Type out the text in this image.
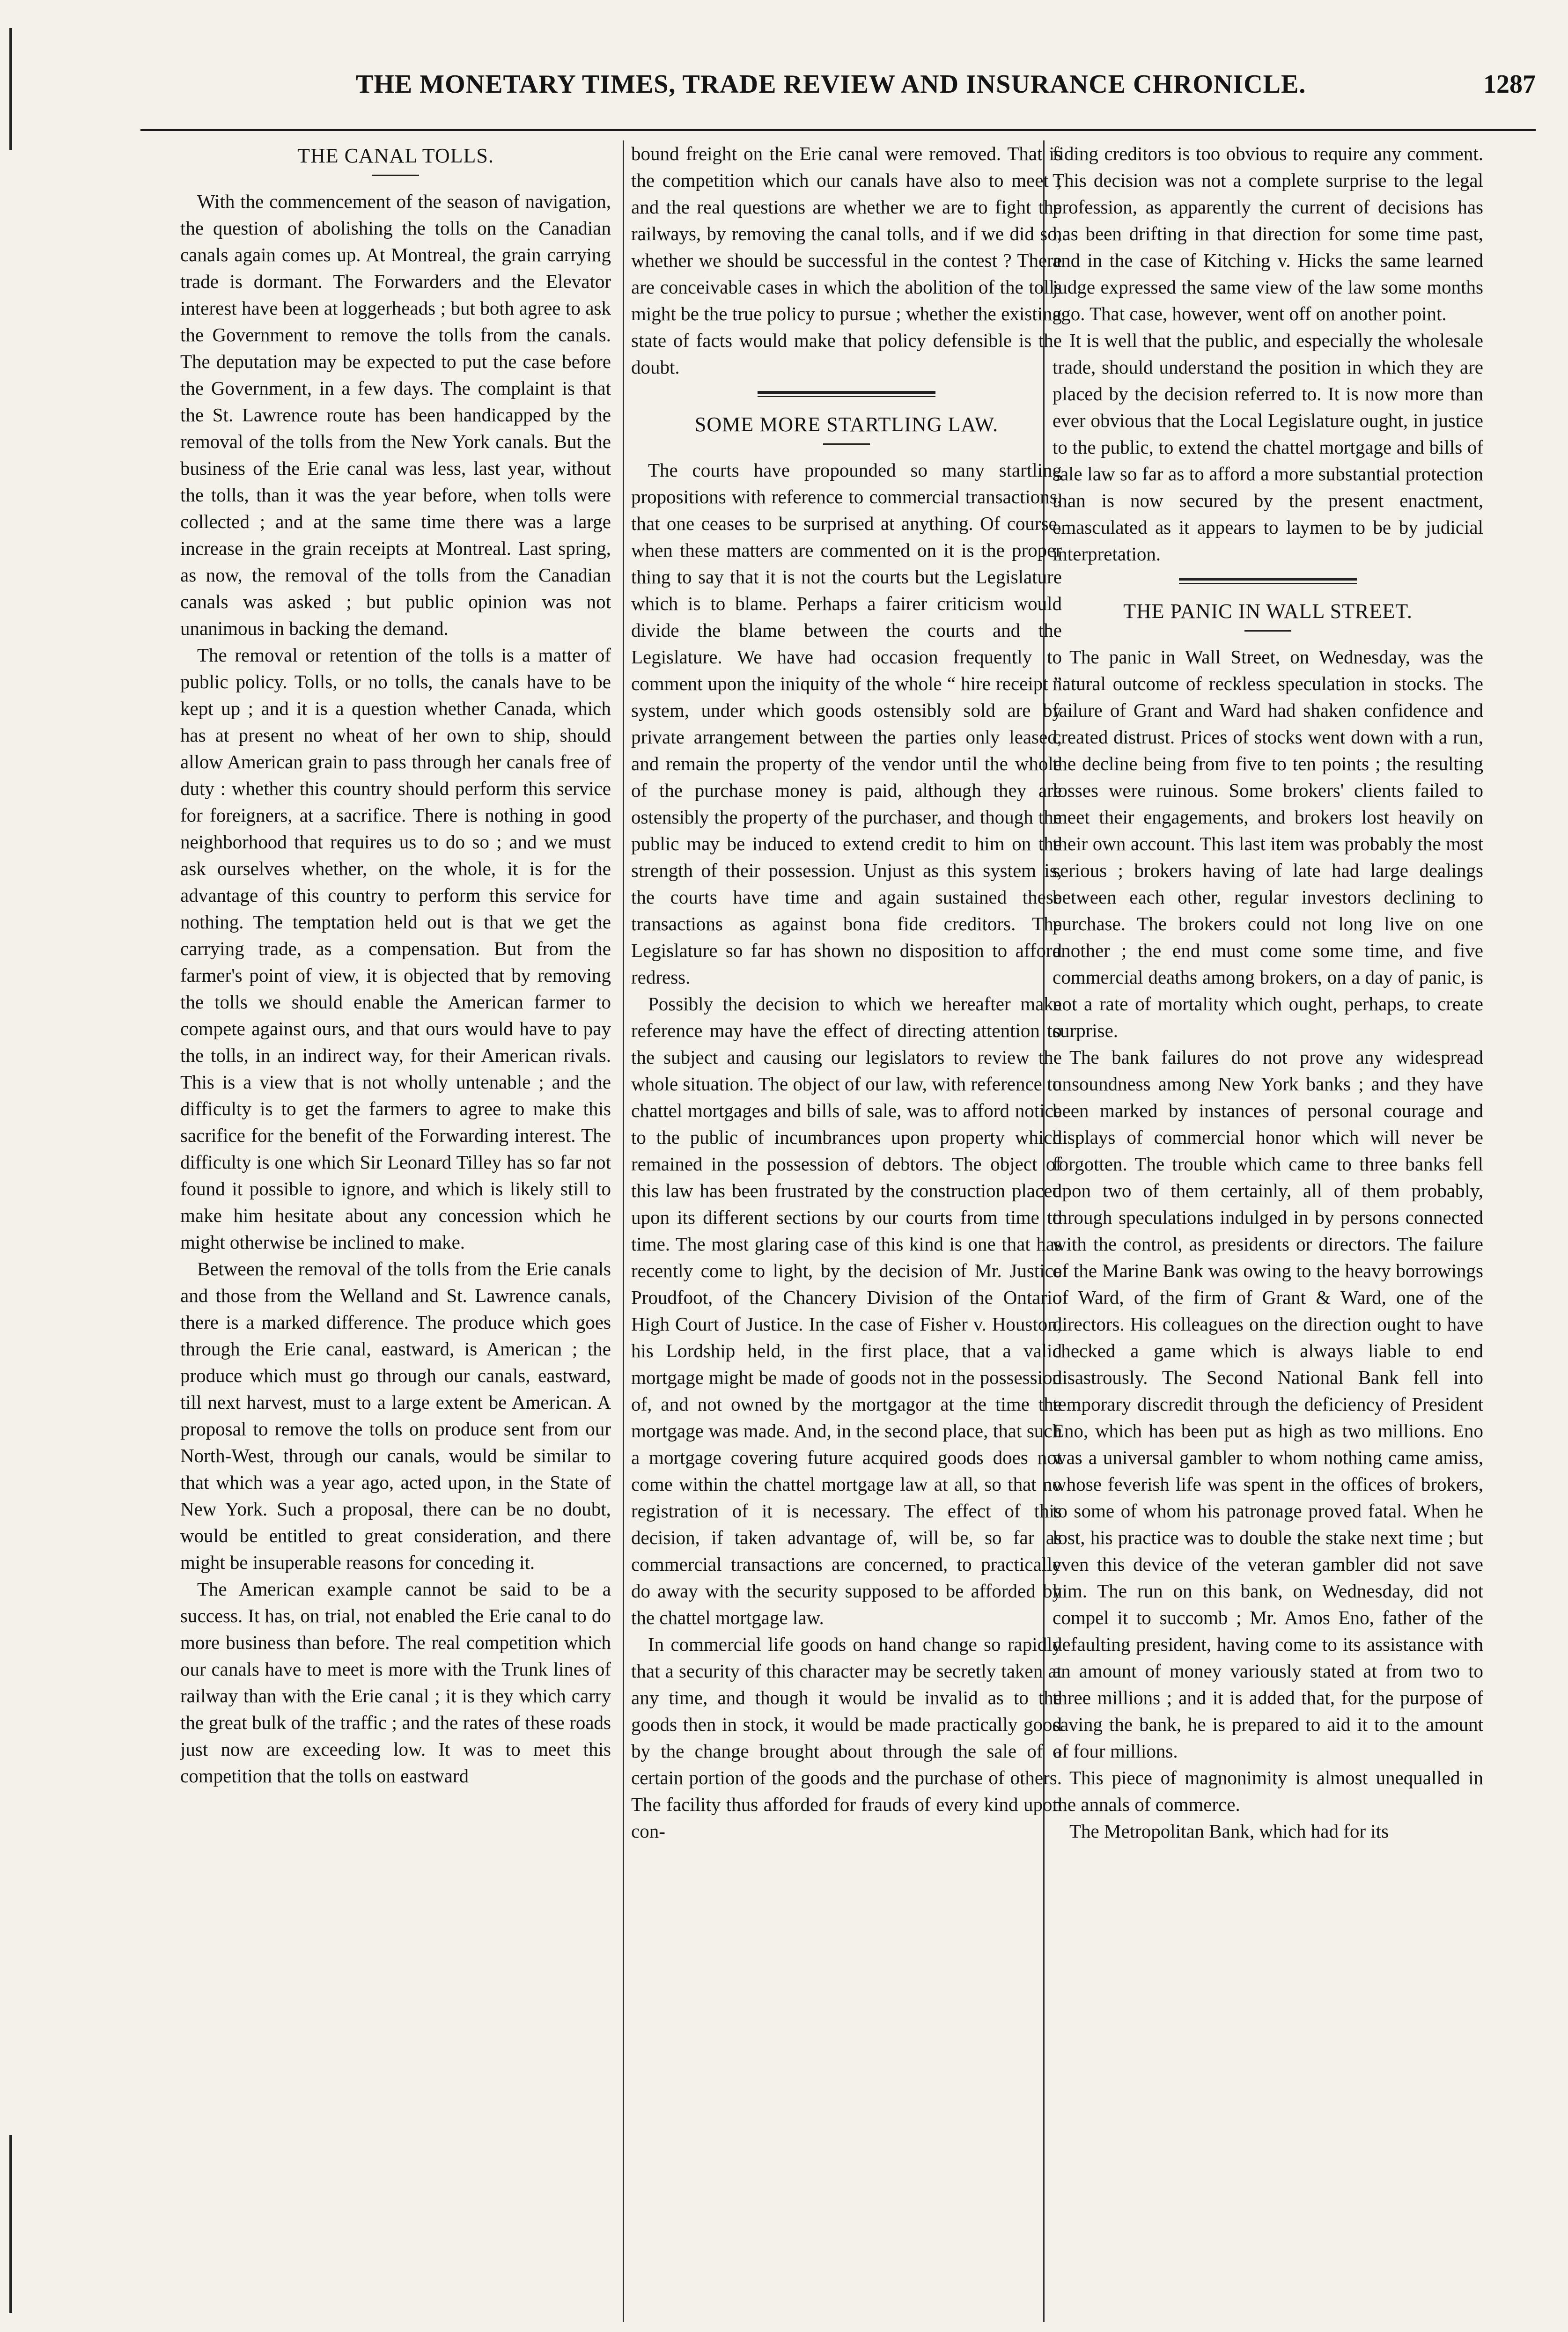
THE MONETARY TIMES, TRADE REVIEW AND INSURANCE CHRONICLE.	1287
THE CANAL TOLLS.

With the commencement of the season of navigation, the question of abolishing the tolls on the Canadian canals again comes up. At Montreal, the grain carrying trade is dormant. The Forwarders and the Elevator interest have been at loggerheads ; but both agree to ask the Government to remove the tolls from the canals. The deputation may be expected to put the case before the Government, in a few days. The complaint is that the St. Lawrence route has been handicapped by the removal of the tolls from the New York canals. But the business of the Erie canal was less, last year, without the tolls, than it was the year before, when tolls were collected ; and at the same time there was a large increase in the grain receipts at Montreal. Last spring, as now, the removal of the tolls from the Canadian canals was asked ; but public opinion was not unanimous in backing the demand.

The removal or retention of the tolls is a matter of public policy. Tolls, or no tolls, the canals have to be kept up ; and it is a question whether Canada, which has at present no wheat of her own to ship, should allow American grain to pass through her canals free of duty : whether this country should perform this service for foreigners, at a sacrifice. There is nothing in good neighborhood that requires us to do so ; and we must ask ourselves whether, on the whole, it is for the advantage of this country to perform this service for nothing. The temptation held out is that we get the carrying trade, as a compensation. But from the farmer's point of view, it is objected that by removing the tolls we should enable the American farmer to compete against ours, and that ours would have to pay the tolls, in an indirect way, for their American rivals. This is a view that is not wholly untenable ; and the difficulty is to get the farmers to agree to make this sacrifice for the benefit of the Forwarding interest. The difficulty is one which Sir Leonard Tilley has so far not found it possible to ignore, and which is likely still to make him hesitate about any concession which he might otherwise be inclined to make.

Between the removal of the tolls from the Erie canals and those from the Welland and St. Lawrence canals, there is a marked difference. The produce which goes through the Erie canal, eastward, is American ; the produce which must go through our canals, eastward, till next harvest, must to a large extent be American. A proposal to remove the tolls on produce sent from our North-West, through our canals, would be similar to that which was a year ago, acted upon, in the State of New York. Such a proposal, there can be no doubt, would be entitled to great consideration, and there might be insuperable reasons for conceding it.

The American example cannot be said to be a success. It has, on trial, not enabled the Erie canal to do more business than before. The real competition which our canals have to meet is more with the Trunk lines of railway than with the Erie canal ; it is they which carry the great bulk of the traffic ; and the rates of these roads just now are exceeding low. It was to meet this competition that the tolls on eastward

bound freight on the Erie canal were removed. That is the competition which our canals have also to meet ; and the real questions are whether we are to fight the railways, by removing the canal tolls, and if we did so, whether we should be successful in the contest ? There are conceivable cases in which the abolition of the tolls might be the true policy to pursue ; whether the existing state of facts would make that policy defensible is the doubt.

SOME MORE STARTLING LAW.

The courts have propounded so many startling propositions with reference to commercial transactions, that one ceases to be surprised at anything. Of course, when these matters are commented on it is the proper thing to say that it is not the courts but the Legislature which is to blame. Perhaps a fairer criticism would divide the blame between the courts and the Legislature. We have had occasion frequently to comment upon the iniquity of the whole “ hire receipt ” system, under which goods ostensibly sold are by private arrangement between the parties only leased, and remain the property of the vendor until the whole of the purchase money is paid, although they are ostensibly the property of the purchaser, and though the public may be induced to extend credit to him on the strength of their possession. Unjust as this system is, the courts have time and again sustained these transactions as against bona fide creditors. The Legislature so far has shown no disposition to afford redress.

Possibly the decision to which we hereafter make reference may have the effect of directing attention to the subject and causing our legislators to review the whole situation. The object of our law, with reference to chattel mortgages and bills of sale, was to afford notice to the public of incumbrances upon property which remained in the possession of debtors. The object of this law has been frustrated by the construction placed upon its different sections by our courts from time to time. The most glaring case of this kind is one that has recently come to light, by the decision of Mr. Justice Proudfoot, of the Chancery Division of the Ontario High Court of Justice. In the case of Fisher v. Houston, his Lordship held, in the first place, that a valid mortgage might be made of goods not in the possession of, and not owned by the mortgagor at the time the mortgage was made. And, in the second place, that such a mortgage covering future acquired goods does not come within the chattel mortgage law at all, so that no registration of it is necessary. The effect of this decision, if taken advantage of, will be, so far as commercial transactions are concerned, to practically do away with the security supposed to be afforded by the chattel mortgage law.

In commercial life goods on hand change so rapidly that a security of this character may be secretly taken at any time, and though it would be invalid as to the goods then in stock, it would be made practically good by the change brought about through the sale of a certain portion of the goods and the purchase of others. The facility thus afforded for frauds of every kind upon con-

fiding creditors is too obvious to require any comment. This decision was not a complete surprise to the legal profession, as apparently the current of decisions has has been drifting in that direction for some time past, and in the case of Kitching v. Hicks the same learned judge expressed the same view of the law some months ago. That case, however, went off on another point.

It is well that the public, and especially the wholesale trade, should understand the position in which they are placed by the decision referred to. It is now more than ever obvious that the Local Legislature ought, in justice to the public, to extend the chattel mortgage and bills of sale law so far as to afford a more substantial protection than is now secured by the present enactment, emasculated as it appears to laymen to be by judicial interpretation.

THE PANIC IN WALL STREET.

The panic in Wall Street, on Wednesday, was the natural outcome of reckless speculation in stocks. The failure of Grant and Ward had shaken confidence and created distrust. Prices of stocks went down with a run, the decline being from five to ten points ; the resulting losses were ruinous. Some brokers' clients failed to meet their engagements, and brokers lost heavily on their own account. This last item was probably the most serious ; brokers having of late had large dealings between each other, regular investors declining to purchase. The brokers could not long live on one another ; the end must come some time, and five commercial deaths among brokers, on a day of panic, is not a rate of mortality which ought, perhaps, to create surprise.

The bank failures do not prove any widespread unsoundness among New York banks ; and they have been marked by instances of personal courage and displays of commercial honor which will never be forgotten. The trouble which came to three banks fell upon two of them certainly, all of them probably, through speculations indulged in by persons connected with the control, as presidents or directors. The failure of the Marine Bank was owing to the heavy borrowings of Ward, of the firm of Grant & Ward, one of the directors. His colleagues on the direction ought to have checked a game which is always liable to end disastrously. The Second National Bank fell into temporary discredit through the deficiency of President Eno, which has been put as high as two millions. Eno was a universal gambler to whom nothing came amiss, whose feverish life was spent in the offices of brokers, to some of whom his patronage proved fatal. When he lost, his practice was to double the stake next time ; but even this device of the veteran gambler did not save him. The run on this bank, on Wednesday, did not compel it to succomb ; Mr. Amos Eno, father of the defaulting president, having come to its assistance with an amount of money variously stated at from two to three millions ; and it is added that, for the purpose of saving the bank, he is prepared to aid it to the amount of four millions.

This piece of magnonimity is almost unequalled in the annals of commerce.

The Metropolitan Bank, which had for its
